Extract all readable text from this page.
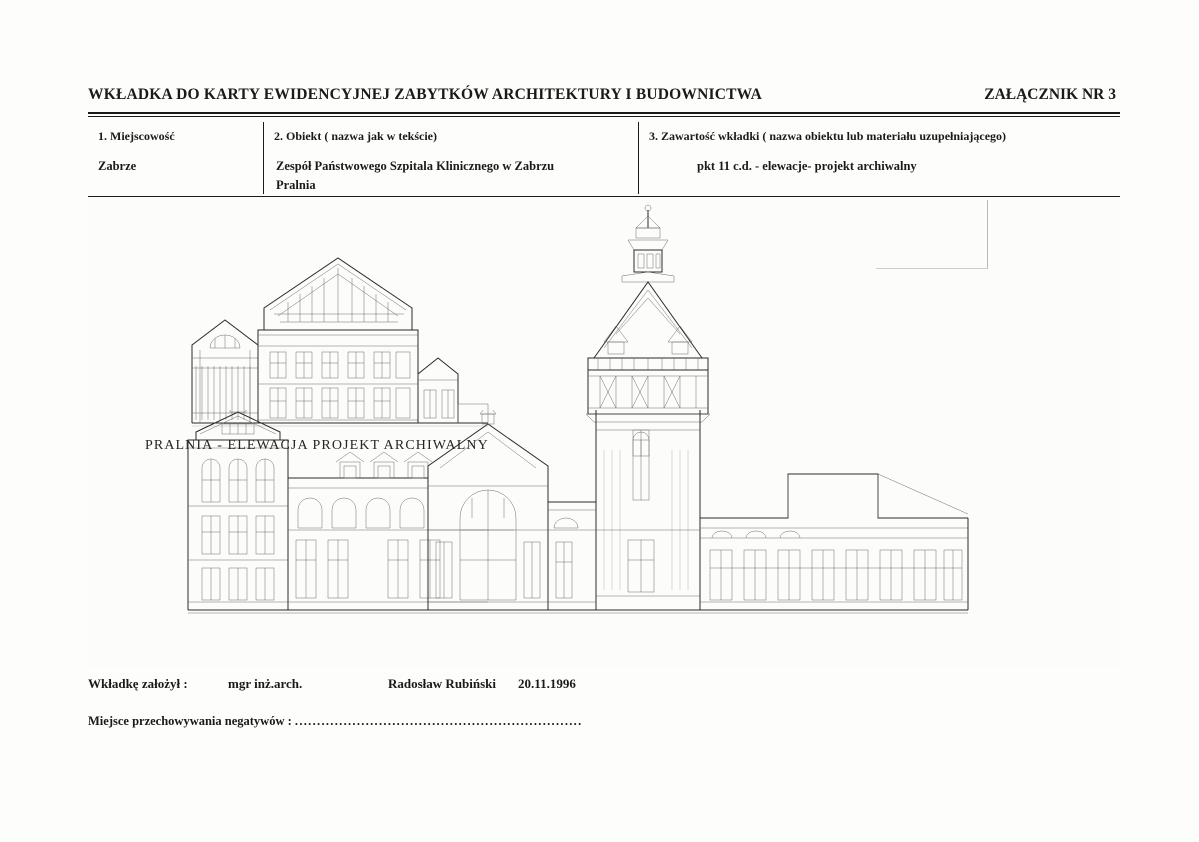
WKŁADKA DO KARTY EWIDENCYJNEJ ZABYTKÓW ARCHITEKTURY I BUDOWNICTWA	ZAŁĄCZNIK NR 3
1. Miejscowość
Zabrze
2. Obiekt ( nazwa jak w tekście)
Zespół Państwowego Szpitala Klinicznego w Zabrzu
Pralnia
3. Zawartość wkładki ( nazwa obiektu lub materiału uzupełniającego)
pkt 11 c.d. - elewacje- projekt archiwalny
PRALNIA - ELEWACJA PROJEKT ARCHIWALNY
Wkładkę założył :	mgr inż.arch.	Radosław Rubiński 20.11.1996
Miejsce przechowywania negatywów : .................................................................
